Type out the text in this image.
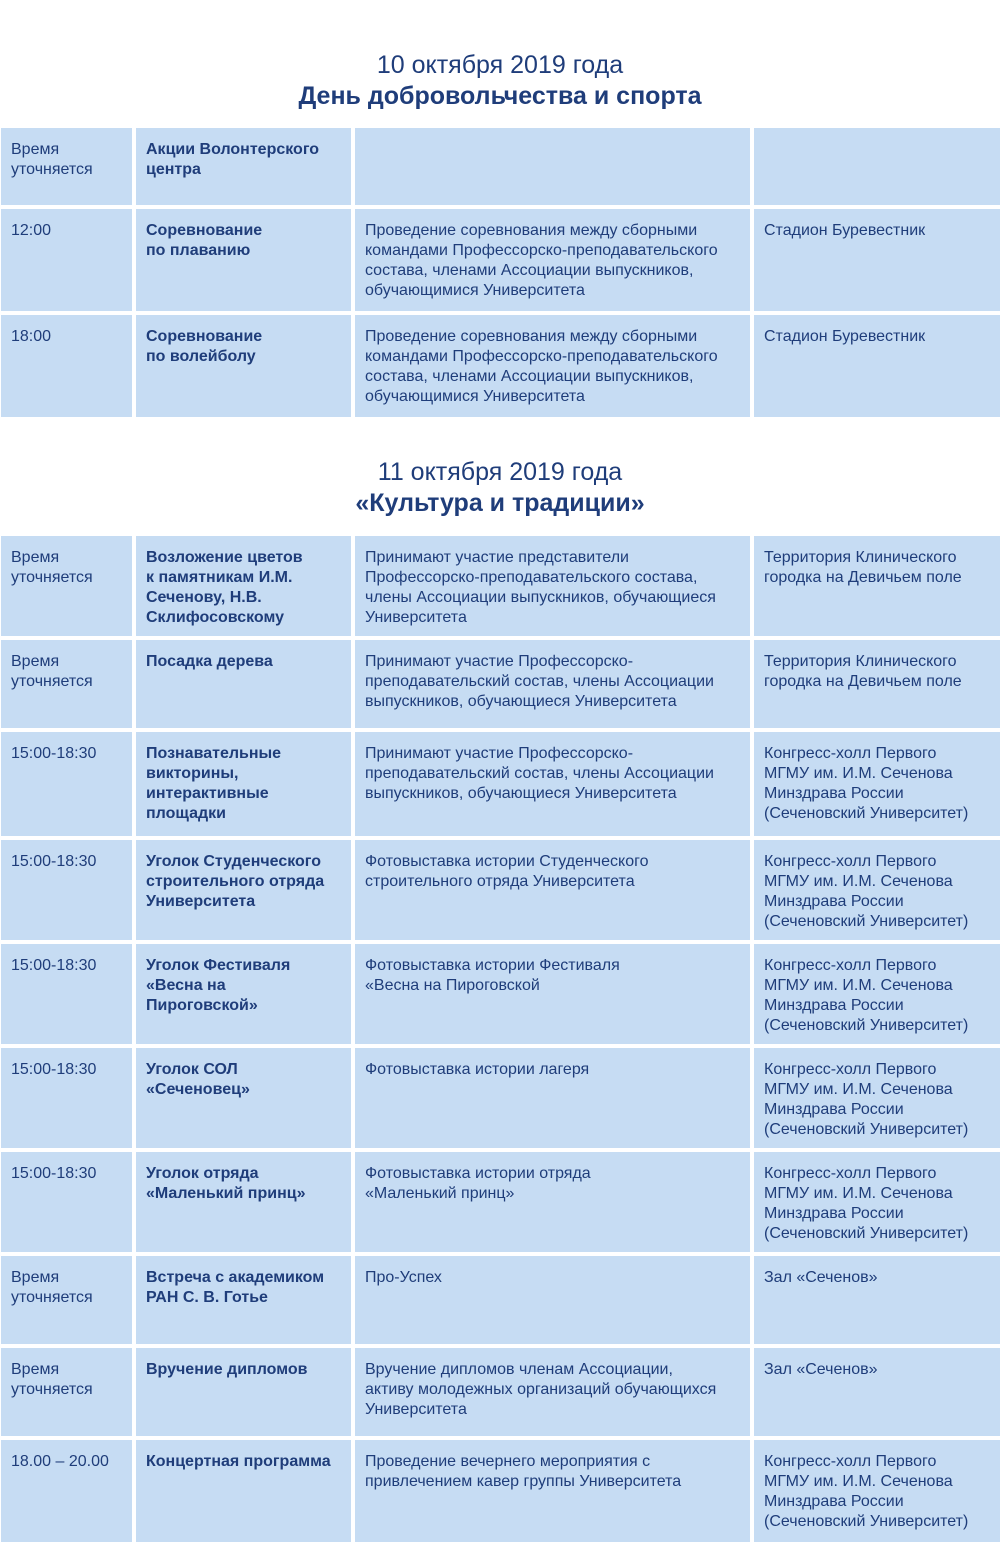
10 октября 2019 года
День добровольчества и спорта
Время
уточняется	Акции Волонтерского
центра		
12:00	Соревнование
по плаванию	Проведение соревнования между сборными
командами Профессорско-преподавательского
состава, членами Ассоциации выпускников,
обучающимися Университета	Стадион Буревестник
18:00	Соревнование
по волейболу	Проведение соревнования между сборными
командами Профессорско-преподавательского
состава, членами Ассоциации выпускников,
обучающимися Университета	Стадион Буревестник
11 октября 2019 года
«Культура и традиции»
Время
уточняется	Возложение цветов
к памятникам И.М.
Сеченову, Н.В.
Склифосовскому	Принимают участие представители
Профессорско-преподавательского состава,
члены Ассоциации выпускников, обучающиеся
Университета	Территория Клинического
городка на Девичьем поле
Время
уточняется	Посадка дерева	Принимают участие Профессорско-
преподавательский состав, члены Ассоциации
выпускников, обучающиеся Университета	Территория Клинического
городка на Девичьем поле
15:00-18:30	Познавательные
викторины,
интерактивные
площадки	Принимают участие Профессорско-
преподавательский состав, члены Ассоциации
выпускников, обучающиеся Университета	Конгресс-холл Первого
МГМУ им. И.М. Сеченова
Минздрава России
(Сеченовский Университет)
15:00-18:30	Уголок Студенческого
строительного отряда
Университета	Фотовыставка истории Студенческого
строительного отряда Университета	Конгресс-холл Первого
МГМУ им. И.М. Сеченова
Минздрава России
(Сеченовский Университет)
15:00-18:30	Уголок Фестиваля
«Весна на Пироговской»	Фотовыставка истории Фестиваля
«Весна на Пироговской	Конгресс-холл Первого
МГМУ им. И.М. Сеченова
Минздрава России
(Сеченовский Университет)
15:00-18:30	Уголок СОЛ
«Сеченовец»	Фотовыставка истории лагеря	Конгресс-холл Первого
МГМУ им. И.М. Сеченова
Минздрава России
(Сеченовский Университет)
15:00-18:30	Уголок отряда
«Маленький принц»	Фотовыставка истории отряда
«Маленький принц»	Конгресс-холл Первого
МГМУ им. И.М. Сеченова
Минздрава России
(Сеченовский Университет)
Время
уточняется	Встреча с академиком
РАН С. В. Готье	Про-Успех	Зал «Сеченов»
Время
уточняется	Вручение дипломов	Вручение дипломов членам Ассоциации,
активу молодежных организаций обучающихся
Университета	Зал «Сеченов»
18.00 – 20.00	Концертная программа	Проведение вечернего мероприятия с
привлечением кавер группы Университета	Конгресс-холл Первого
МГМУ им. И.М. Сеченова
Минздрава России
(Сеченовский Университет)
